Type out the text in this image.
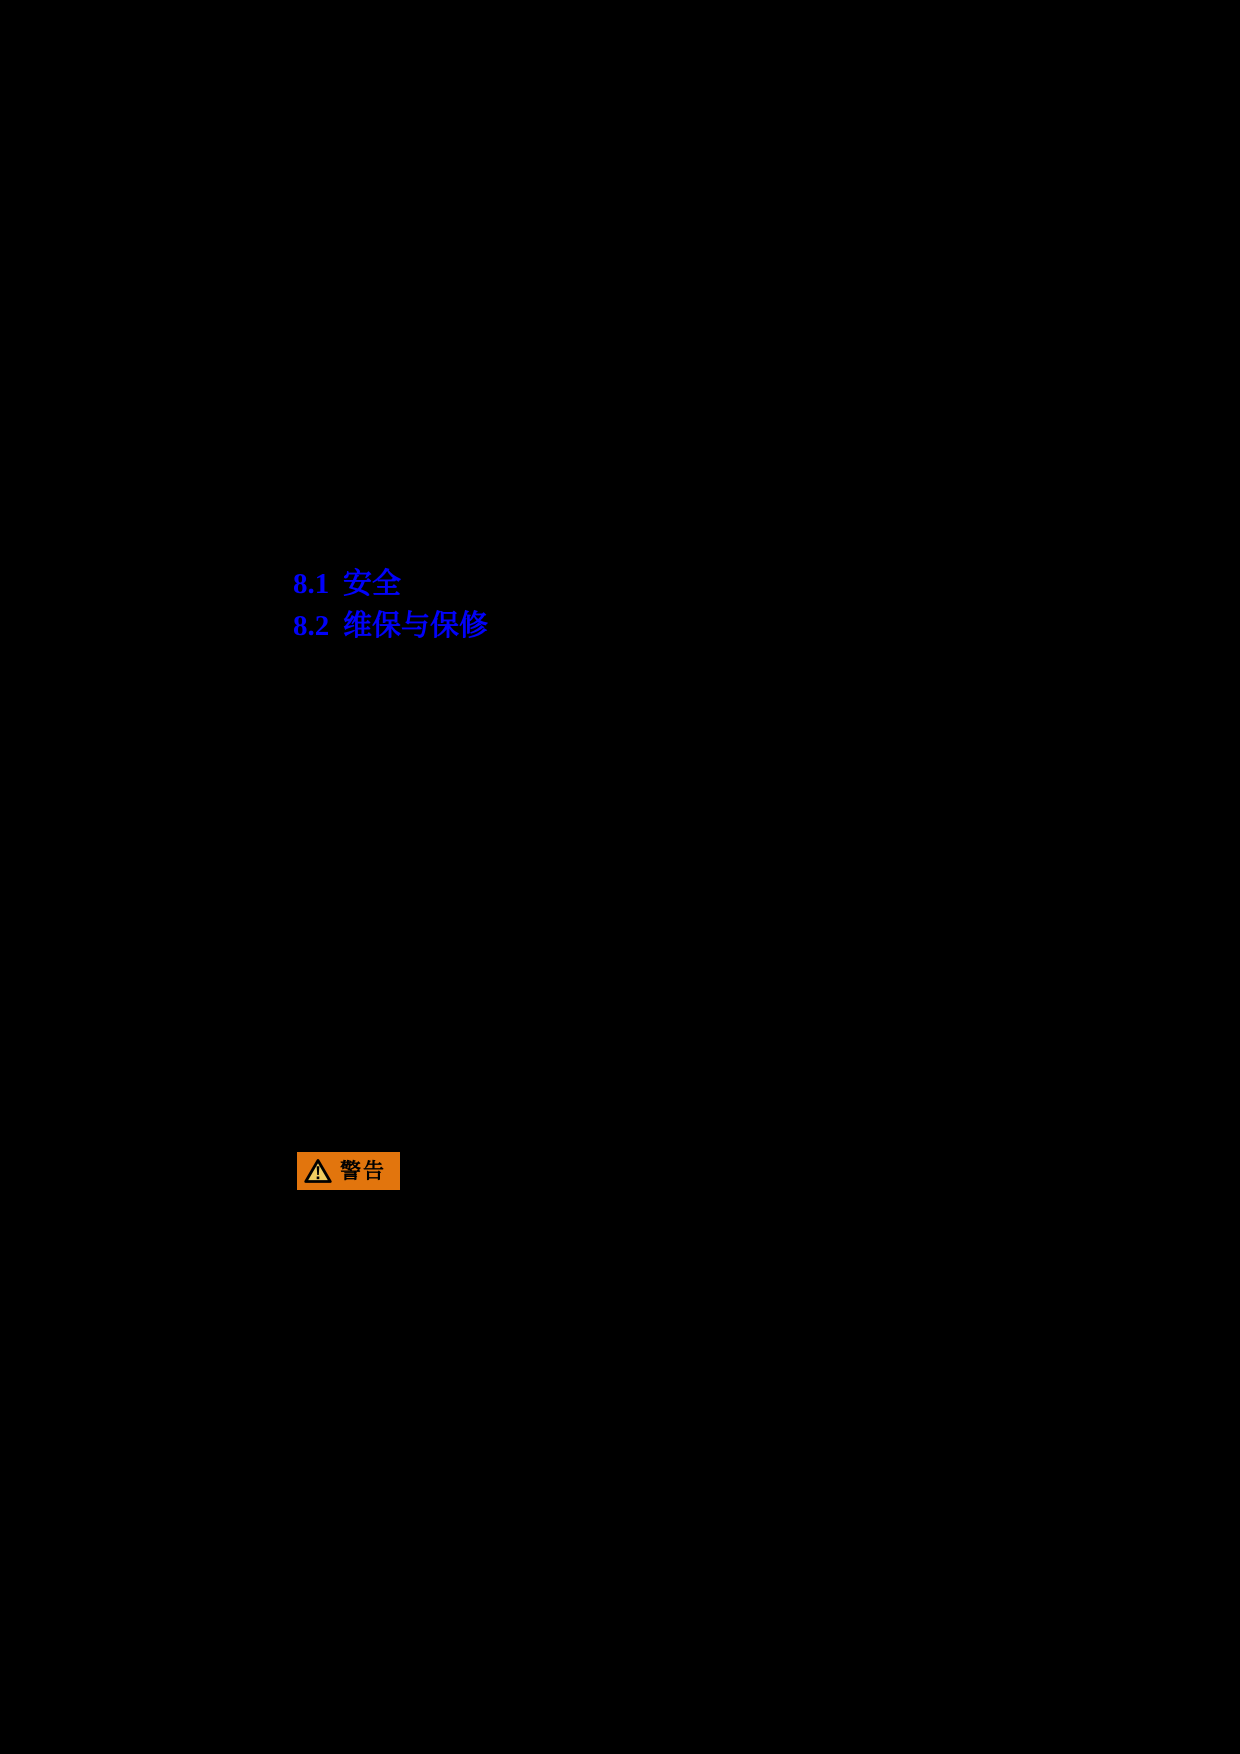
8.1 安全
8.2 维保与保修
警告
